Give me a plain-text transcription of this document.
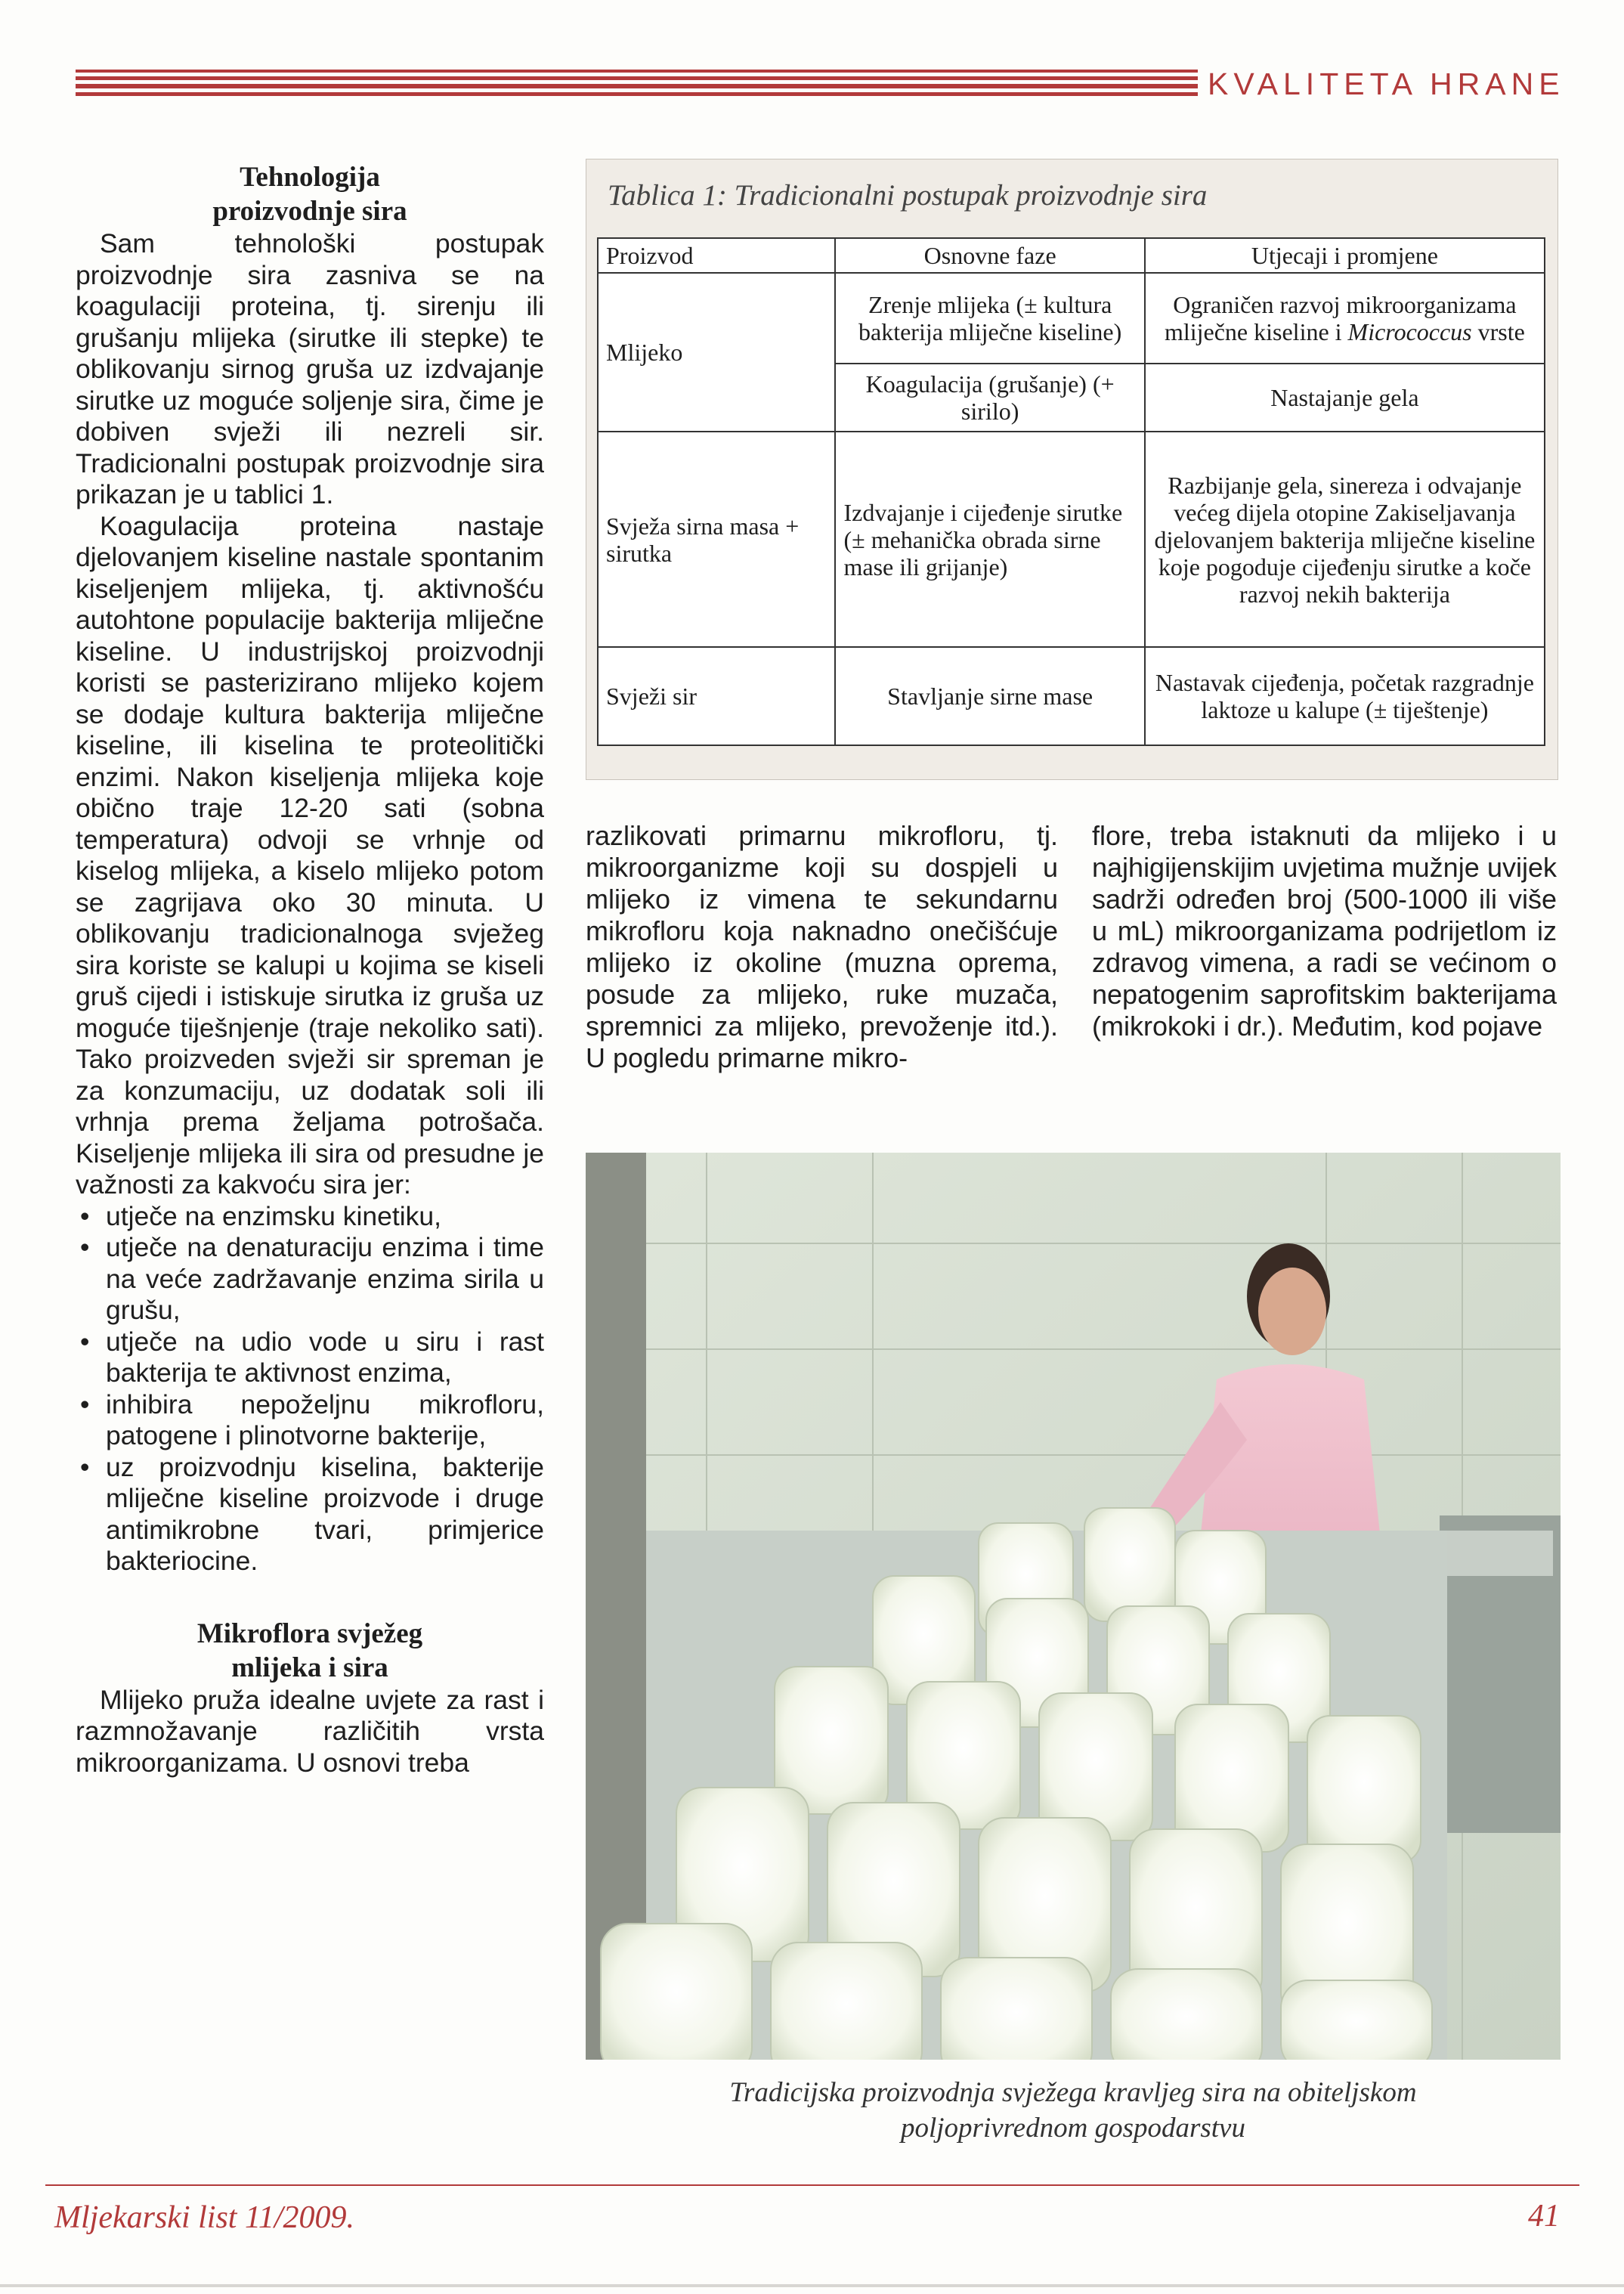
KVALITETA HRANE
Tehnologija
proizvodnje sira

Sam tehnološki postupak proizvodnje sira zasniva se na koagulaciji proteina, tj. sirenju ili grušanju mlijeka (sirutke ili stepke) te oblikovanju sirnog gruša uz izdvajanje sirutke uz moguće soljenje sira, čime je dobiven svježi ili nezreli sir. Tradicionalni postupak proizvodnje sira prikazan je u tablici 1.

Koagulacija proteina nastaje djelovanjem kiseline nastale spontanim kiseljenjem mlijeka, tj. aktivnošću autohtone populacije bakterija mliječne kiseline. U industrijskoj proizvodnji koristi se pasterizirano mlijeko kojem se dodaje kultura bakterija mliječne kiseline, ili kiselina te proteolitički enzimi. Nakon kiseljenja mlijeka koje obično traje 12-20 sati (sobna temperatura) odvoji se vrhnje od kiselog mlijeka, a kiselo mlijeko potom se zagrijava oko 30 minuta. U oblikovanju tradicionalnoga svježeg sira koriste se kalupi u kojima se kiseli gruš cijedi i istiskuje sirutka iz gruša uz moguće tiješnjenje (traje nekoliko sati). Tako proizveden svježi sir spreman je za konzumaciju, uz dodatak soli ili vrhnja prema željama potrošača. Kiseljenje mlijeka ili sira od presudne je važnosti za kakvoću sira jer:

• utječe na enzimsku kinetiku,
• utječe na denaturaciju enzima i time na veće zadržavanje enzima sirila u grušu,
• utječe na udio vode u siru i rast bakterija te aktivnost enzima,
• inhibira nepoželjnu mikrofloru, patogene i plinotvorne bakterije,
• uz proizvodnju kiselina, bakterije mliječne kiseline proizvode i druge antimikrobne tvari, primjerice bakteriocine.
Mikroflora svježeg
mlijeka i sira

Mlijeko pruža idealne uvjete za rast i razmnožavanje različitih vrsta mikroorganizama. U osnovi treba

Tablica 1: Tradicionalni postupak proizvodnje sira
Proizvod	Osnovne faze	Utjecaji i promjene
Mlijeko	Zrenje mlijeka (± kultura bakterija mliječne kiseline)	Ograničen razvoj mikroorganizama mliječne kiseline i Micrococcus vrste
	Koagulacija (grušanje) (+ sirilo)	Nastajanje gela
Svježa sirna masa + sirutka	Izdvajanje i cijeđenje sirutke (± mehanička obrada sirne mase ili grijanje)	Razbijanje gela, sinereza i odvajanje većeg dijela otopine Zakiseljavanja djelovanjem bakterija mliječne kiseline koje pogoduje cijeđenju sirutke a koče razvoj nekih bakterija
Svježi sir	Stavljanje sirne mase	Nastavak cijeđenja, početak razgradnje laktoze u kalupe (± tiještenje)

razlikovati primarnu mikrofloru, tj. mikroorganizme koji su dospjeli u mlijeko iz vimena te sekundarnu mikrofloru koja naknadno onečišćuje mlijeko iz okoline (muzna oprema, posude za mlijeko, ruke muzača, spremnici za mlijeko, prevoženje itd.). U pogledu primarne mikro-

flore, treba istaknuti da mlijeko i u najhigijenskijim uvjetima mužnje uvijek sadrži određen broj (500-1000 ili više u mL) mikroorganizama podrijetlom iz zdravog vimena, a radi se većinom o nepatogenim saprofitskim bakterijama (mikrokoki i dr.). Međutim, kod pojave

Tradicijska proizvodnja svježega kravljeg sira na obiteljskom
poljoprivrednom gospodarstvu
Mljekarski list 11/2009.	41
